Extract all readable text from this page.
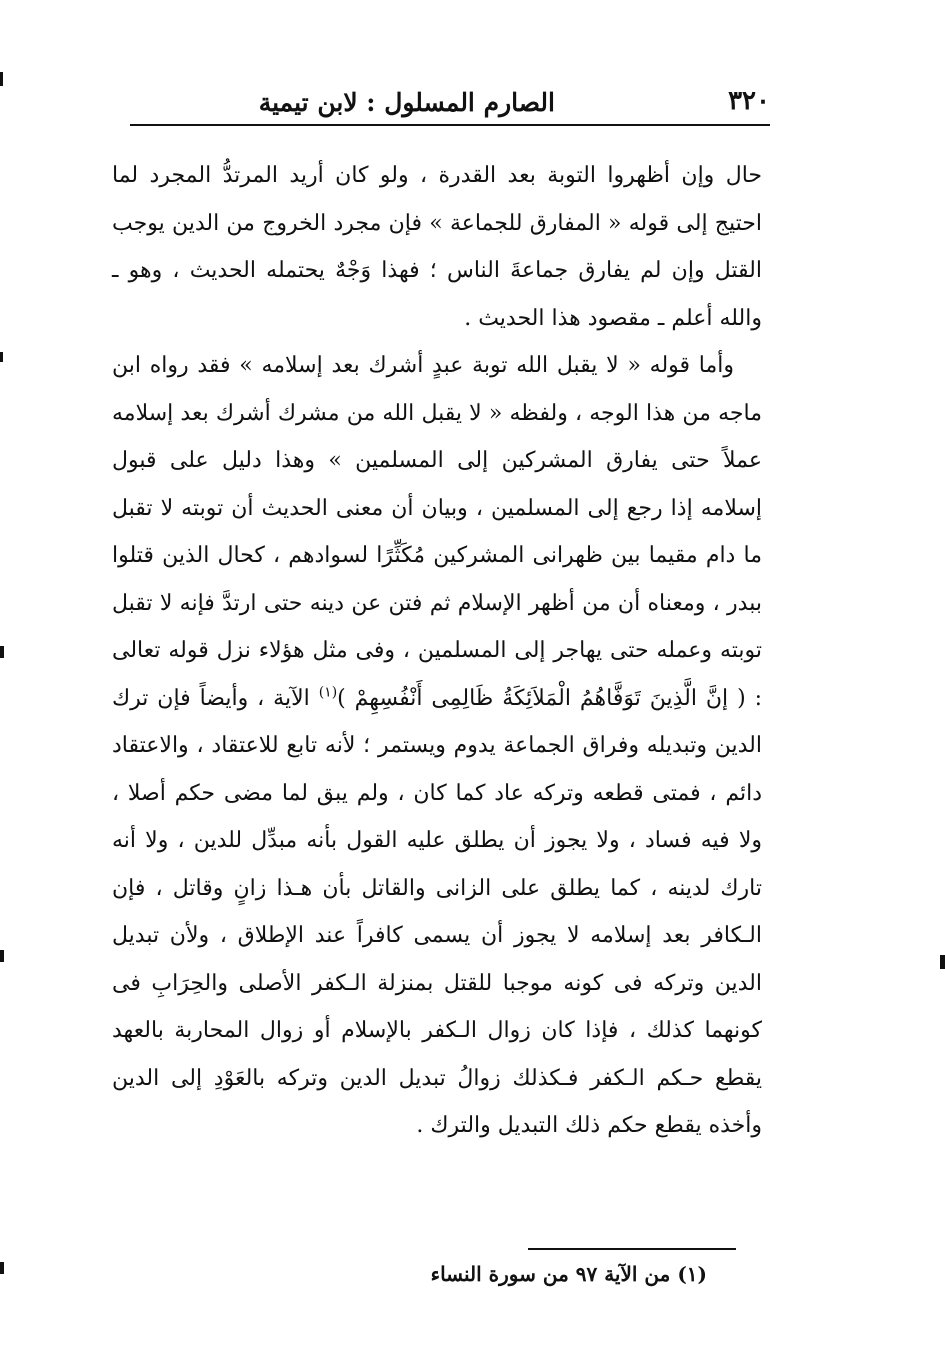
٣٢٠
الصارم المسلول : لابن تيمية

حال وإن أظهروا التوبة بعد القدرة ، ولو كان أريد المرتدُّ المجرد لما احتيج إلى قوله « المفارق للجماعة » فإن مجرد الخروج من الدين يوجب القتل وإن لم يفارق جماعةَ الناس ؛ فهذا وَجْهٌ يحتمله الحديث ، وهو ـ والله أعلم ـ مقصود هذا الحديث .

وأما قوله « لا يقبل الله توبة عبدٍ أشرك بعد إسلامه » فقد رواه ابن ماجه من هذا الوجه ، ولفظه « لا يقبل الله من مشرك أشرك بعد إسلامه عملاً حتى يفارق المشركين إلى المسلمين » وهذا دليل على قبول إسلامه إذا رجع إلى المسلمين ، وبيان أن معنى الحديث أن توبته لا تقبل ما دام مقيما بين ظهرانى المشركين مُكَثِّرًا لسوادهم ، كحال الذين قتلوا ببدر ، ومعناه أن من أظهر الإسلام ثم فتن عن دينه حتى ارتدَّ فإنه لا تقبل توبته وعمله حتى يهاجر إلى المسلمين ، وفى مثل هؤلاء نزل قوله تعالى : ( إنَّ الَّذِينَ تَوَفَّاهُمُ الْمَلاَئِكَةُ ظَالِمِى أَنْفُسِهِمْ )$^{(١)}$ الآية ، وأيضاً فإن ترك الدين وتبديله وفراق الجماعة يدوم ويستمر ؛ لأنه تابع للاعتقاد ، والاعتقاد دائم ، فمتى قطعه وتركه عاد كما كان ، ولم يبق لما مضى حكم أصلا ، ولا فيه فساد ، ولا يجوز أن يطلق عليه القول بأنه مبدِّل للدين ، ولا أنه تارك لدينه ، كما يطلق على الزانى والقاتل بأن هـذا زانٍ وقاتل ، فإن الـكافر بعد إسلامه لا يجوز أن يسمى كافراً عند الإطلاق ، ولأن تبديل الدين وتركه فى كونه موجبا للقتل بمنزلة الـكفر الأصلى والحِرَابِ فى كونهما كذلك ، فإذا كان زوال الـكفر بالإسلام أو زوال المحاربة بالعهد يقطع حـكم الـكفر فـكذلك زوالُ تبديل الدين وتركه بالعَوْدِ إلى الدين وأخذه يقطع حكم ذلك التبديل والترك .

(١) من الآية ٩٧ من سورة النساء
